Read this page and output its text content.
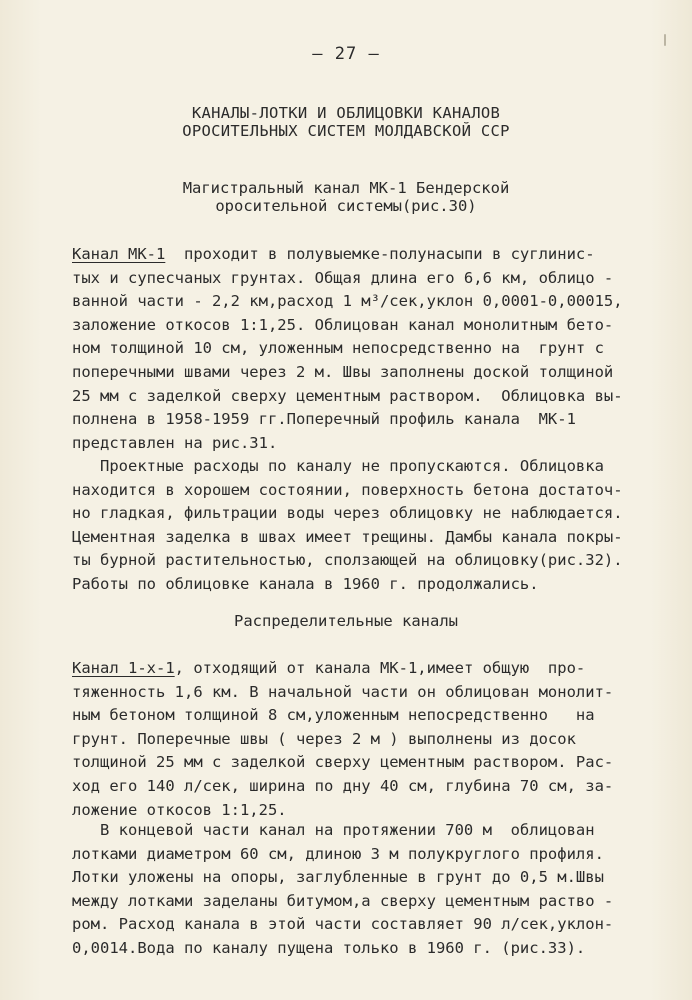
— 27 —
КАНАЛЫ-ЛОТКИ И ОБЛИЦОВКИ КАНАЛОВ
ОРОСИТЕЛЬНЫХ СИСТЕМ МОЛДАВСКОЙ ССР
Магистральный канал МК-1 Бендерской
оросительной системы(рис.30)
Канал МК-1  проходит в полувыемке-полунасыпи в суглинис-
тых и супесчаных грунтах. Общая длина его 6,6 км, облицо -
ванной части - 2,2 км,расход 1 м³/сек,уклон 0,0001-0,00015,
заложение откосов 1:1,25. Облицован канал монолитным бето-
ном толщиной 10 см, уложенным непосредственно на  грунт с
поперечными швами через 2 м. Швы заполнены доской толщиной
25 мм с заделкой сверху цементным раствором.  Облицовка вы-
полнена в 1958-1959 гг.Поперечный профиль канала  МК-1
представлен на рис.31.
Проектные расходы по каналу не пропускаются. Облицовка
находится в хорошем состоянии, поверхность бетона достаточ-
но гладкая, фильтрации воды через облицовку не наблюдается.
Цементная заделка в швах имеет трещины. Дамбы канала покры-
ты бурной растительностью, сползающей на облицовку(рис.32).
Работы по облицовке канала в 1960 г. продолжались.
Распределительные каналы
Канал 1-х-1, отходящий от канала МК-1,имеет общую  про-
тяженность 1,6 км. В начальной части он облицован монолит-
ным бетоном толщиной 8 см,уложенным непосредственно   на
грунт. Поперечные швы ( через 2 м ) выполнены из досок
толщиной 25 мм с заделкой сверху цементным раствором. Рас-
ход его 140 л/сек, ширина по дну 40 см, глубина 70 см, за-
ложение откосов 1:1,25.
В концевой части канал на протяжении 700 м  облицован
лотками диаметром 60 см, длиною 3 м полукруглого профиля.
Лотки уложены на опоры, заглубленные в грунт до 0,5 м.Швы
между лотками заделаны битумом,а сверху цементным раство -
ром. Расход канала в этой части составляет 90 л/сек,уклон-
0,0014.Вода по каналу пущена только в 1960 г. (рис.33).
